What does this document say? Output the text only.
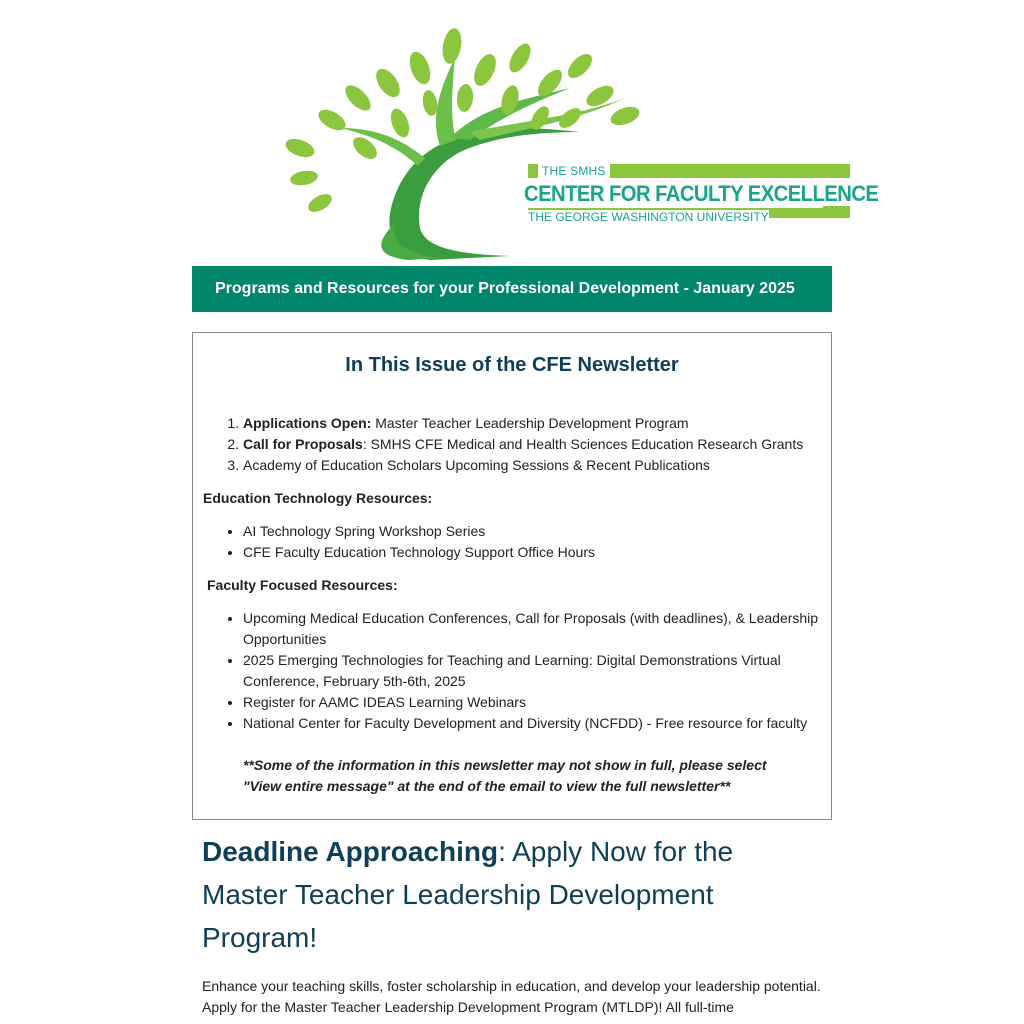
THE SMHS
CENTER FOR FACULTY EXCELLENCE
THE GEORGE WASHINGTON UNIVERSITY
Programs and Resources for your Professional Development - January 2025
In This Issue of the CFE Newsletter
1. Applications Open: Master Teacher Leadership Development Program
2. Call for Proposals: SMHS CFE Medical and Health Sciences Education Research Grants
3. Academy of Education Scholars Upcoming Sessions & Recent Publications
Education Technology Resources:
• AI Technology Spring Workshop Series
• CFE Faculty Education Technology Support Office Hours
Faculty Focused Resources:
• Upcoming Medical Education Conferences, Call for Proposals (with deadlines), & Leadership Opportunities
• 2025 Emerging Technologies for Teaching and Learning: Digital Demonstrations Virtual Conference, February 5th-6th, 2025
• Register for AAMC IDEAS Learning Webinars
• National Center for Faculty Development and Diversity (NCFDD) - Free resource for faculty
**Some of the information in this newsletter may not show in full, please select "View entire message" at the end of the email to view the full newsletter**
Deadline Approaching: Apply Now for the Master Teacher Leadership Development Program!
Enhance your teaching skills, foster scholarship in education, and develop your leadership potential. Apply for the Master Teacher Leadership Development Program (MTLDP)! All full-time
